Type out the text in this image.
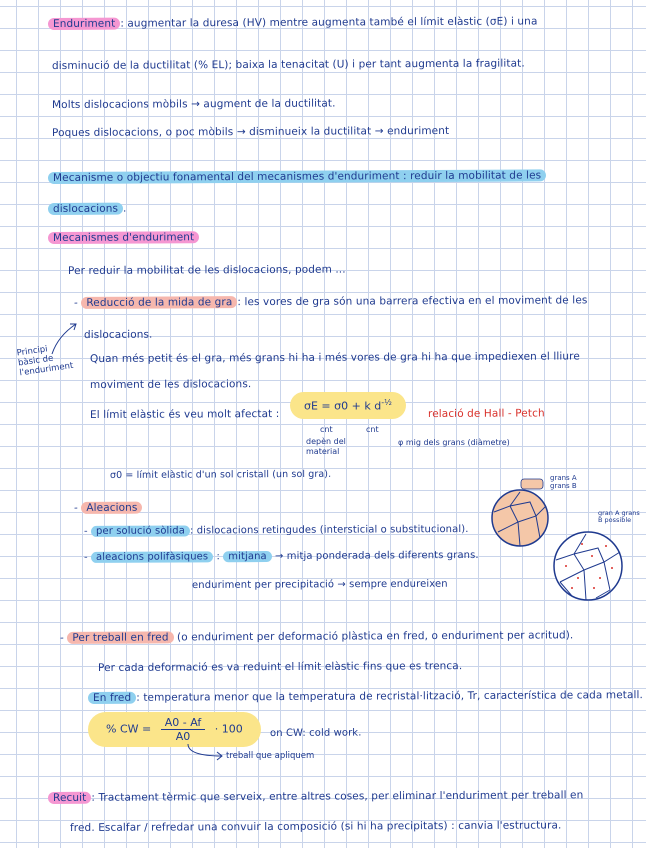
Enduriment : augmentar la duresa (HV) mentre augmenta també el límit elàstic (σE) i una
disminució de la ductilitat (% EL); baixa la tenacitat (U) i per tant augmenta la fragilitat.
Molts dislocacions mòbils → augment de la ductilitat.
Poques dislocacions, o poc mòbils → disminueix la ductilitat → enduriment
Mecanisme o objectiu fonamental del mecanismes d'enduriment : reduir la mobilitat de les
dislocacions .
Mecanismes d'enduriment
Per reduir la mobilitat de les dislocacions, podem ...
- Reducció de la mida de gra : les vores de gra són una barrera efectiva en el moviment de les
dislocacions.
Quan més petit és el gra, més grans hi ha i més vores de gra hi ha que impediexen el lliure
moviment de les dislocacions.
Principi bàsic de l'enduriment
El límit elàstic és veu molt afectat :
σE = σ0 + k $d^{-\frac{1}{2}}$
relació de Hall - Petch
cnt	cnt
depèn del material
φ mig dels grans (diàmetre)
σ0 = límit elàstic d'un sol cristall (un sol gra).
- Aleacions
- per solució sòlida : dislocacions retingudes (intersticial o substitucional).
- aleacions polifàsiques : mitjana → mitja ponderada dels diferents grans.
enduriment per precipitació → sempre endureixen
grans A
grans B
gran A grans B possible
- Per treball en fred (o enduriment per deformació plàstica en fred, o enduriment per acritud).
Per cada deformació es va reduint el límit elàstic fins que es trenca.
En fred : temperatura menor que la temperatura de recristal·lització, Tr, característica de cada metall.
% CW = $\frac{A0 - Af}{A0} \cdot 100$	on CW: cold work.
treball que apliquem
Recuit : Tractament tèrmic que serveix, entre altres coses, per eliminar l'enduriment per treball en
fred. Escalfar / refredar una convuir la composició (si hi ha precipitats) : canvia l'estructura.
